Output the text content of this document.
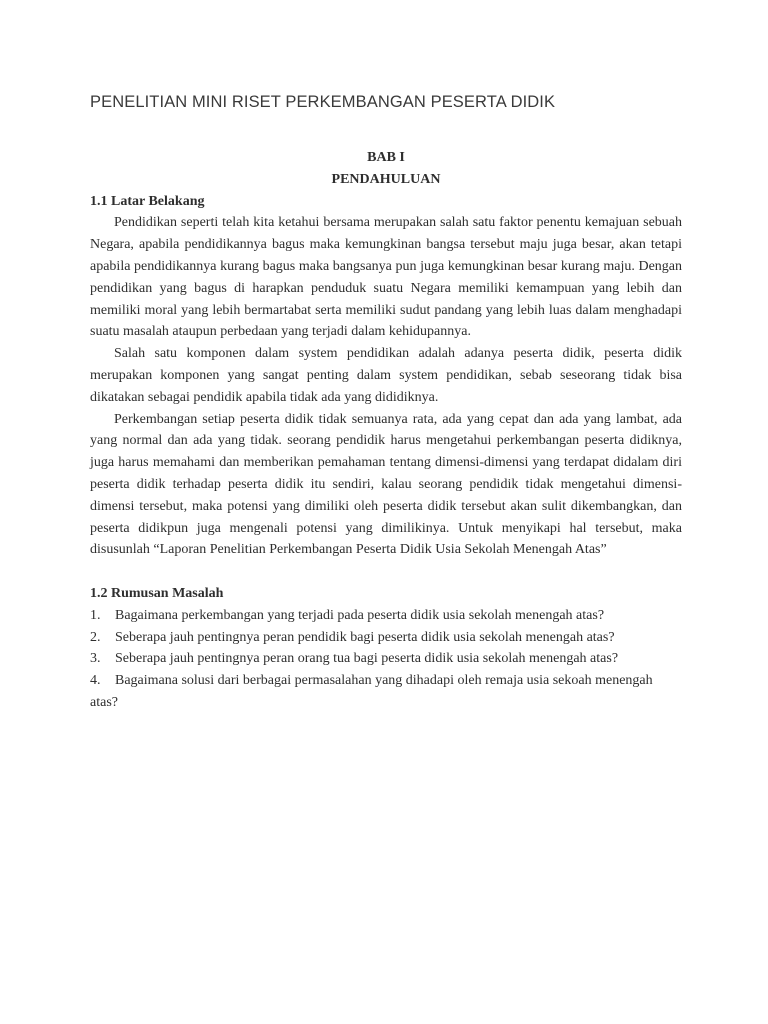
PENELITIAN MINI RISET PERKEMBANGAN PESERTA DIDIK

BAB I

PENDAHULUAN

1.1 Latar Belakang

Pendidikan seperti telah kita ketahui bersama merupakan salah satu faktor penentu kemajuan sebuah Negara, apabila pendidikannya bagus maka kemungkinan bangsa tersebut maju juga besar, akan tetapi apabila pendidikannya kurang bagus maka bangsanya pun juga kemungkinan besar kurang maju. Dengan pendidikan yang bagus di harapkan penduduk suatu Negara memiliki kemampuan yang lebih dan memiliki moral yang lebih bermartabat serta memiliki sudut pandang yang lebih luas dalam menghadapi suatu masalah ataupun perbedaan yang terjadi dalam kehidupannya.

Salah satu komponen dalam system pendidikan adalah adanya peserta didik, peserta didik merupakan komponen yang sangat penting dalam system pendidikan, sebab seseorang tidak bisa dikatakan sebagai pendidik apabila tidak ada yang dididiknya.

Perkembangan setiap peserta didik tidak semuanya rata, ada yang cepat dan ada yang lambat, ada yang normal dan ada yang tidak. seorang pendidik harus mengetahui perkembangan peserta didiknya, juga harus memahami dan memberikan pemahaman tentang dimensi-dimensi yang terdapat didalam diri peserta didik terhadap peserta didik itu sendiri, kalau seorang pendidik tidak mengetahui dimensi-dimensi tersebut, maka potensi yang dimiliki oleh peserta didik tersebut akan sulit dikembangkan, dan peserta didikpun juga mengenali potensi yang dimilikinya. Untuk menyikapi hal tersebut, maka disusunlah “Laporan Penelitian Perkembangan Peserta Didik Usia Sekolah Menengah Atas”

1.2 Rumusan Masalah

1. Bagaimana perkembangan yang terjadi pada peserta didik usia sekolah menengah atas?
2. Seberapa jauh pentingnya peran pendidik bagi peserta didik usia sekolah menengah atas?
3. Seberapa jauh pentingnya peran orang tua bagi peserta didik usia sekolah menengah atas?
4. Bagaimana solusi dari berbagai permasalahan yang dihadapi oleh remaja usia sekoah menengah atas?
